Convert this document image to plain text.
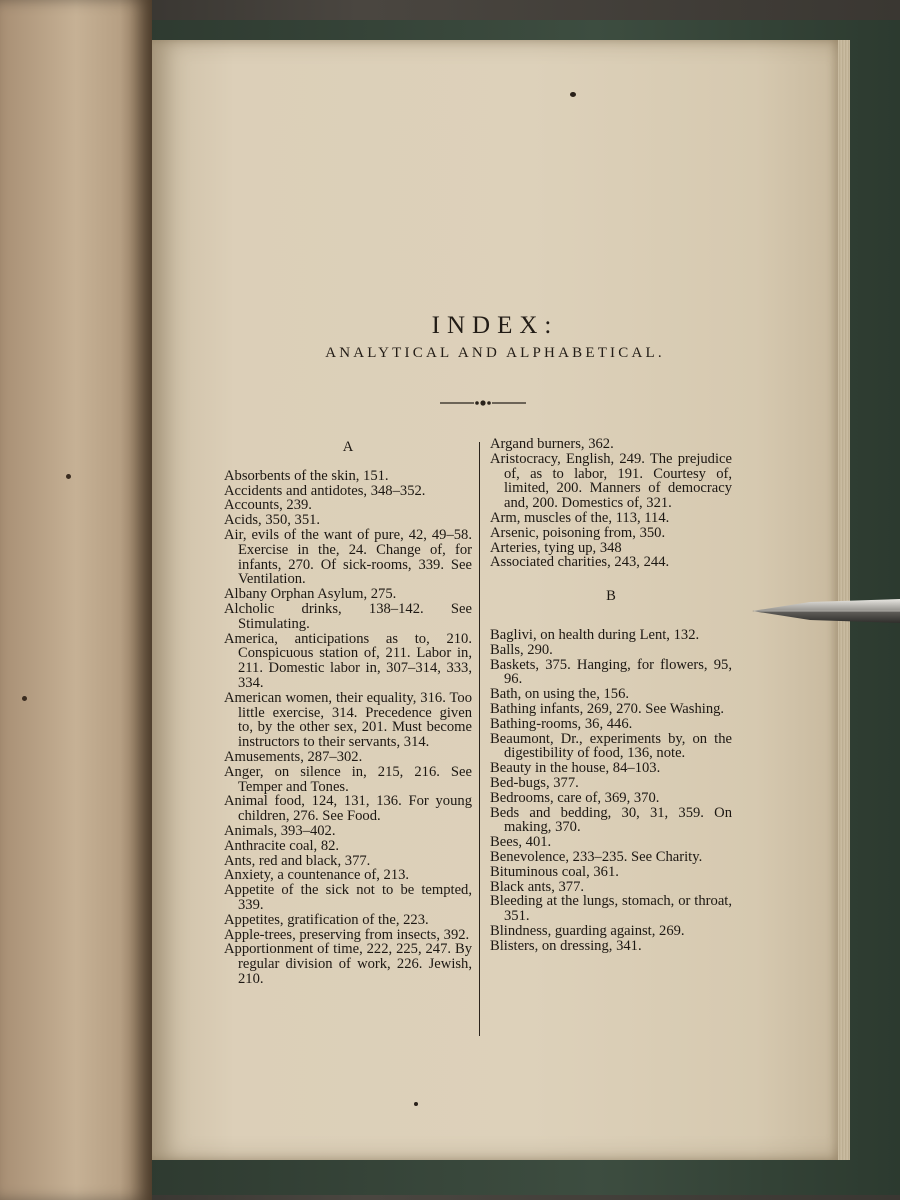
INDEX:
ANALYTICAL AND ALPHABETICAL.
A

Absorbents of the skin, 151.

Accidents and antidotes, 348–352.

Accounts, 239.

Acids, 350, 351.

Air, evils of the want of pure, 42, 49–58. Exercise in the, 24. Change of, for infants, 270. Of sick-rooms, 339. See Ventilation.

Albany Orphan Asylum, 275.

Alcholic drinks, 138–142. See Stimulating.

America, anticipations as to, 210. Conspicuous station of, 211. Labor in, 211. Domestic labor in, 307–314, 333, 334.

American women, their equality, 316. Too little exercise, 314. Precedence given to, by the other sex, 201. Must become instructors to their servants, 314.

Amusements, 287–302.

Anger, on silence in, 215, 216. See Temper and Tones.

Animal food, 124, 131, 136. For young children, 276. See Food.

Animals, 393–402.

Anthracite coal, 82.

Ants, red and black, 377.

Anxiety, a countenance of, 213.

Appetite of the sick not to be tempted, 339.

Appetites, gratification of the, 223.

Apple-trees, preserving from insects, 392.

Apportionment of time, 222, 225, 247. By regular division of work, 226. Jewish, 210.

Argand burners, 362.

Aristocracy, English, 249. The prejudice of, as to labor, 191. Courtesy of, limited, 200. Manners of democracy and, 200. Domestics of, 321.

Arm, muscles of the, 113, 114.

Arsenic, poisoning from, 350.

Arteries, tying up, 348

Associated charities, 243, 244.

B

Baglivi, on health during Lent, 132.

Balls, 290.

Baskets, 375. Hanging, for flowers, 95, 96.

Bath, on using the, 156.

Bathing infants, 269, 270. See Washing.

Bathing-rooms, 36, 446.

Beaumont, Dr., experiments by, on the digestibility of food, 136, note.

Beauty in the house, 84–103.

Bed-bugs, 377.

Bedrooms, care of, 369, 370.

Beds and bedding, 30, 31, 359. On making, 370.

Bees, 401.

Benevolence, 233–235. See Charity.

Bituminous coal, 361.

Black ants, 377.

Bleeding at the lungs, stomach, or throat, 351.

Blindness, guarding against, 269.

Blisters, on dressing, 341.
